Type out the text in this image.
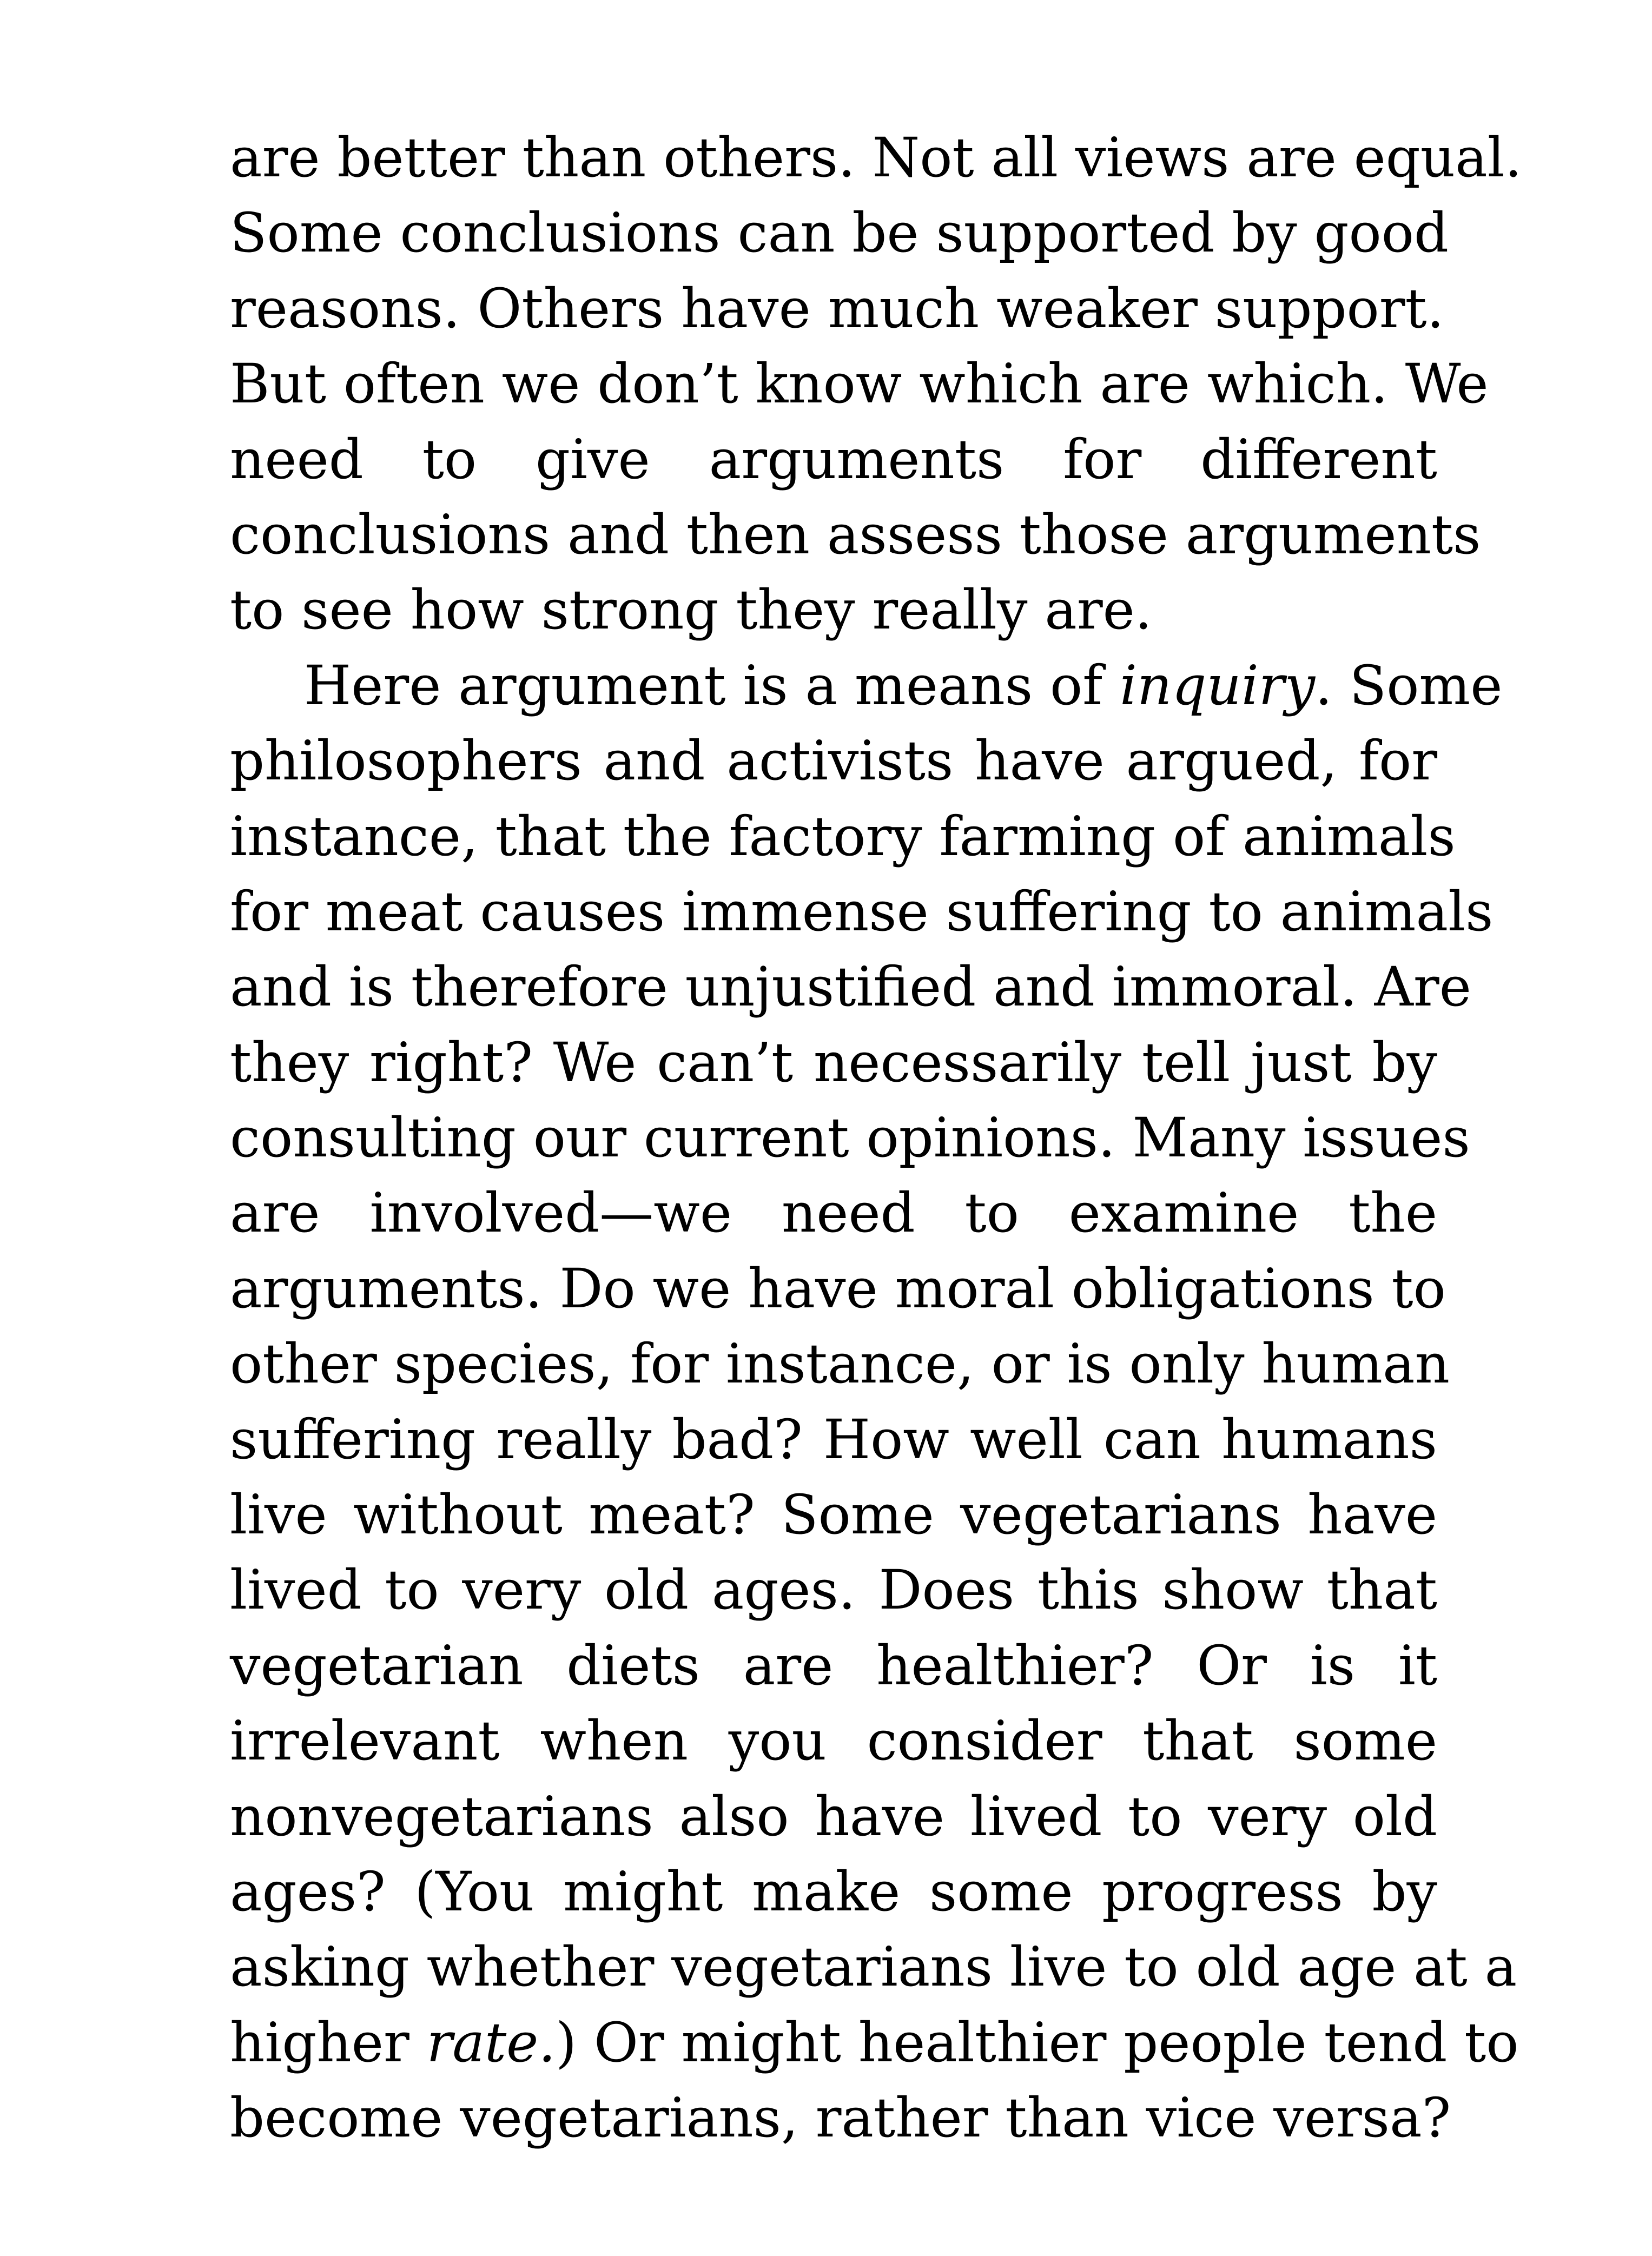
are better than others. Not all views are equal.
Some conclusions can be supported by good
reasons. Others have much weaker support.
But often we don’t know which are which. We
need to give arguments for different
conclusions and then assess those arguments
to see how strong they really are.
Here argument is a means of inquiry. Some
philosophers and activists have argued, for
instance, that the factory farming of animals
for meat causes immense suffering to animals
and is therefore unjustified and immoral. Are
they right? We can’t necessarily tell just by
consulting our current opinions. Many issues
are involved—we need to examine the
arguments. Do we have moral obligations to
other species, for instance, or is only human
suffering really bad? How well can humans
live without meat? Some vegetarians have
lived to very old ages. Does this show that
vegetarian diets are healthier? Or is it
irrelevant when you consider that some
nonvegetarians also have lived to very old
ages? (You might make some progress by
asking whether vegetarians live to old age at a
higher rate.) Or might healthier people tend to
become vegetarians, rather than vice versa?
